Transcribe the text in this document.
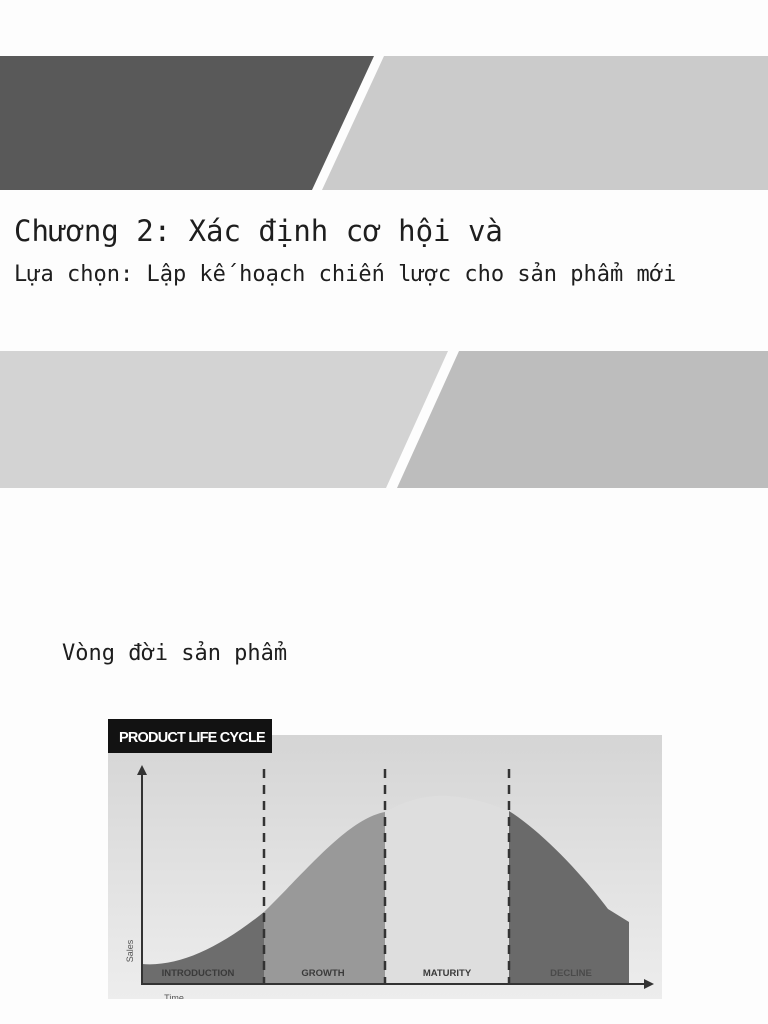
Chương 2: Xác định cơ hội và
Lựa chọn: Lập kế hoạch chiến lược cho sản phẩm mới
Vòng đời sản phẩm
INTRODUCTION	GROWTH	MATURITY	DECLINE
Sales
Time
PRODUCT LIFE CYCLE
